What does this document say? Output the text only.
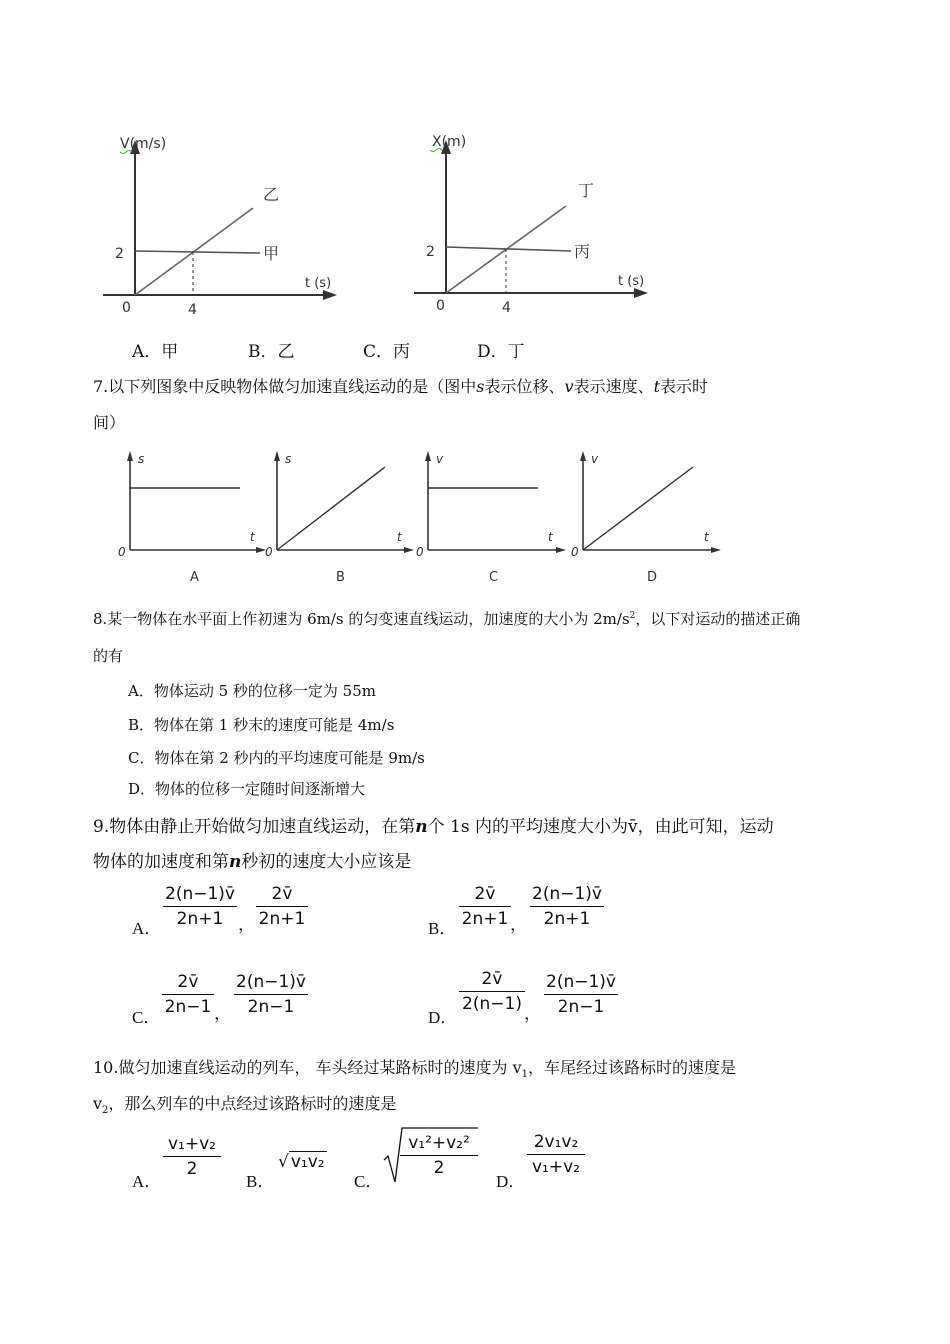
V(m/s)
t (s)
0
2
4
乙
甲
X(m)
t (s)
0
2
4
丁
丙
A．甲	B．乙	C．丙	D．丁
7.以下列图象中反映物体做匀加速直线运动的是（图中s表示位移、v表示速度、t表示时
间）
s
t
0
A
s
t
0
B
v
t
0
C
v
t
0
D
8.某一物体在水平面上作初速为 6m/s 的匀变速直线运动，加速度的大小为 $2m/s^2$，以下对运动的描述正确
的有
A．物体运动 5 秒的位移一定为 55m
B．物体在第 1 秒末的速度可能是 4m/s
C．物体在第 2 秒内的平均速度可能是 9m/s
D．物体的位移一定随时间逐渐增大
9.物体由静止开始做匀加速直线运动，在第n个 1s 内的平均速度大小为v̄，由此可知，运动
物体的加速度和第n秒初的速度大小应该是
A．
2(n−1)v̄
2n+1 ，
2v̄
2n+1	B．
2v̄
2n+1 ，
2(n−1)v̄
2n+1
C．
2v̄
2n−1 ，
2(n−1)v̄
2n−1
D．
2v̄
2(n−1) ，
2(n−1)v̄
2n−1
10.做匀加速直线运动的列车， 车头经过某路标时的速度为 $v_1$，车尾经过该路标时的速度是
$v_2$，那么列车的中点经过该路标时的速度是
A．
v₁+v₂
2
B．
√ v₁v₂
C．
v₁²+v₂²
2
D．
2v₁v₂
v₁+v₂
